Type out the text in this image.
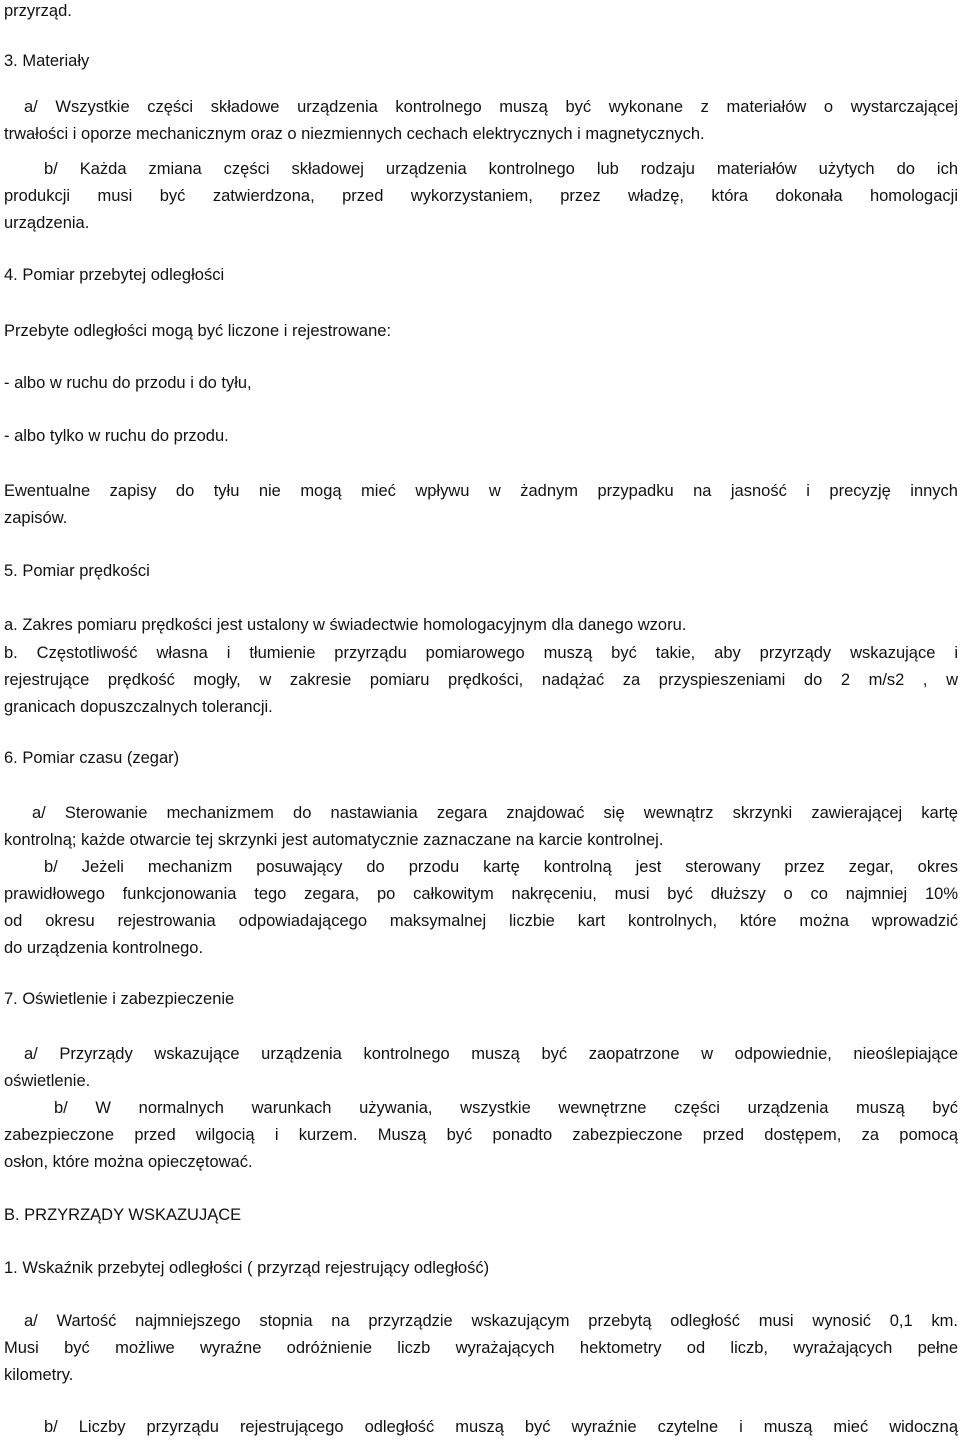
przyrząd.
3. Materiały
a/ Wszystkie części składowe urządzenia kontrolnego muszą być wykonane z materiałów o wystarczającej
trwałości i oporze mechanicznym oraz o niezmiennych cechach elektrycznych i magnetycznych.
b/ Każda zmiana części składowej urządzenia kontrolnego lub rodzaju materiałów użytych do ich
produkcji musi być zatwierdzona, przed wykorzystaniem, przez władzę, która dokonała homologacji
urządzenia.
4. Pomiar przebytej odległości
Przebyte odległości mogą być liczone i rejestrowane:
- albo w ruchu do przodu i do tyłu,
- albo tylko w ruchu do przodu.
Ewentualne zapisy do tyłu nie mogą mieć wpływu w żadnym przypadku na jasność i precyzję innych
zapisów.
5. Pomiar prędkości
a. Zakres pomiaru prędkości jest ustalony w świadectwie homologacyjnym dla danego wzoru.
b. Częstotliwość własna i tłumienie przyrządu pomiarowego muszą być takie, aby przyrządy wskazujące i
rejestrujące prędkość mogły, w zakresie pomiaru prędkości, nadążać za przyspieszeniami do 2 m/s2 , w
granicach dopuszczalnych tolerancji.
6. Pomiar czasu (zegar)
a/ Sterowanie mechanizmem do nastawiania zegara znajdować się wewnątrz skrzynki zawierającej kartę
kontrolną; każde otwarcie tej skrzynki jest automatycznie zaznaczane na karcie kontrolnej.
b/ Jeżeli mechanizm posuwający do przodu kartę kontrolną jest sterowany przez zegar, okres
prawidłowego funkcjonowania tego zegara, po całkowitym nakręceniu, musi być dłuższy o co najmniej 10%
od okresu rejestrowania odpowiadającego maksymalnej liczbie kart kontrolnych, które można wprowadzić
do urządzenia kontrolnego.
7. Oświetlenie i zabezpieczenie
a/ Przyrządy wskazujące urządzenia kontrolnego muszą być zaopatrzone w odpowiednie, nieoślepiające
oświetlenie.
b/ W normalnych warunkach używania, wszystkie wewnętrzne części urządzenia muszą być
zabezpieczone przed wilgocią i kurzem. Muszą być ponadto zabezpieczone przed dostępem, za pomocą
osłon, które można opieczętować.
B. PRZYRZĄDY WSKAZUJĄCE
1. Wskaźnik przebytej odległości ( przyrząd rejestrujący odległość)
a/ Wartość najmniejszego stopnia na przyrządzie wskazującym przebytą odległość musi wynosić 0,1 km.
Musi być możliwe wyraźne odróżnienie liczb wyrażających hektometry od liczb, wyrażających pełne
kilometry.
b/ Liczby przyrządu rejestrującego odległość muszą być wyraźnie czytelne i muszą mieć widoczną
